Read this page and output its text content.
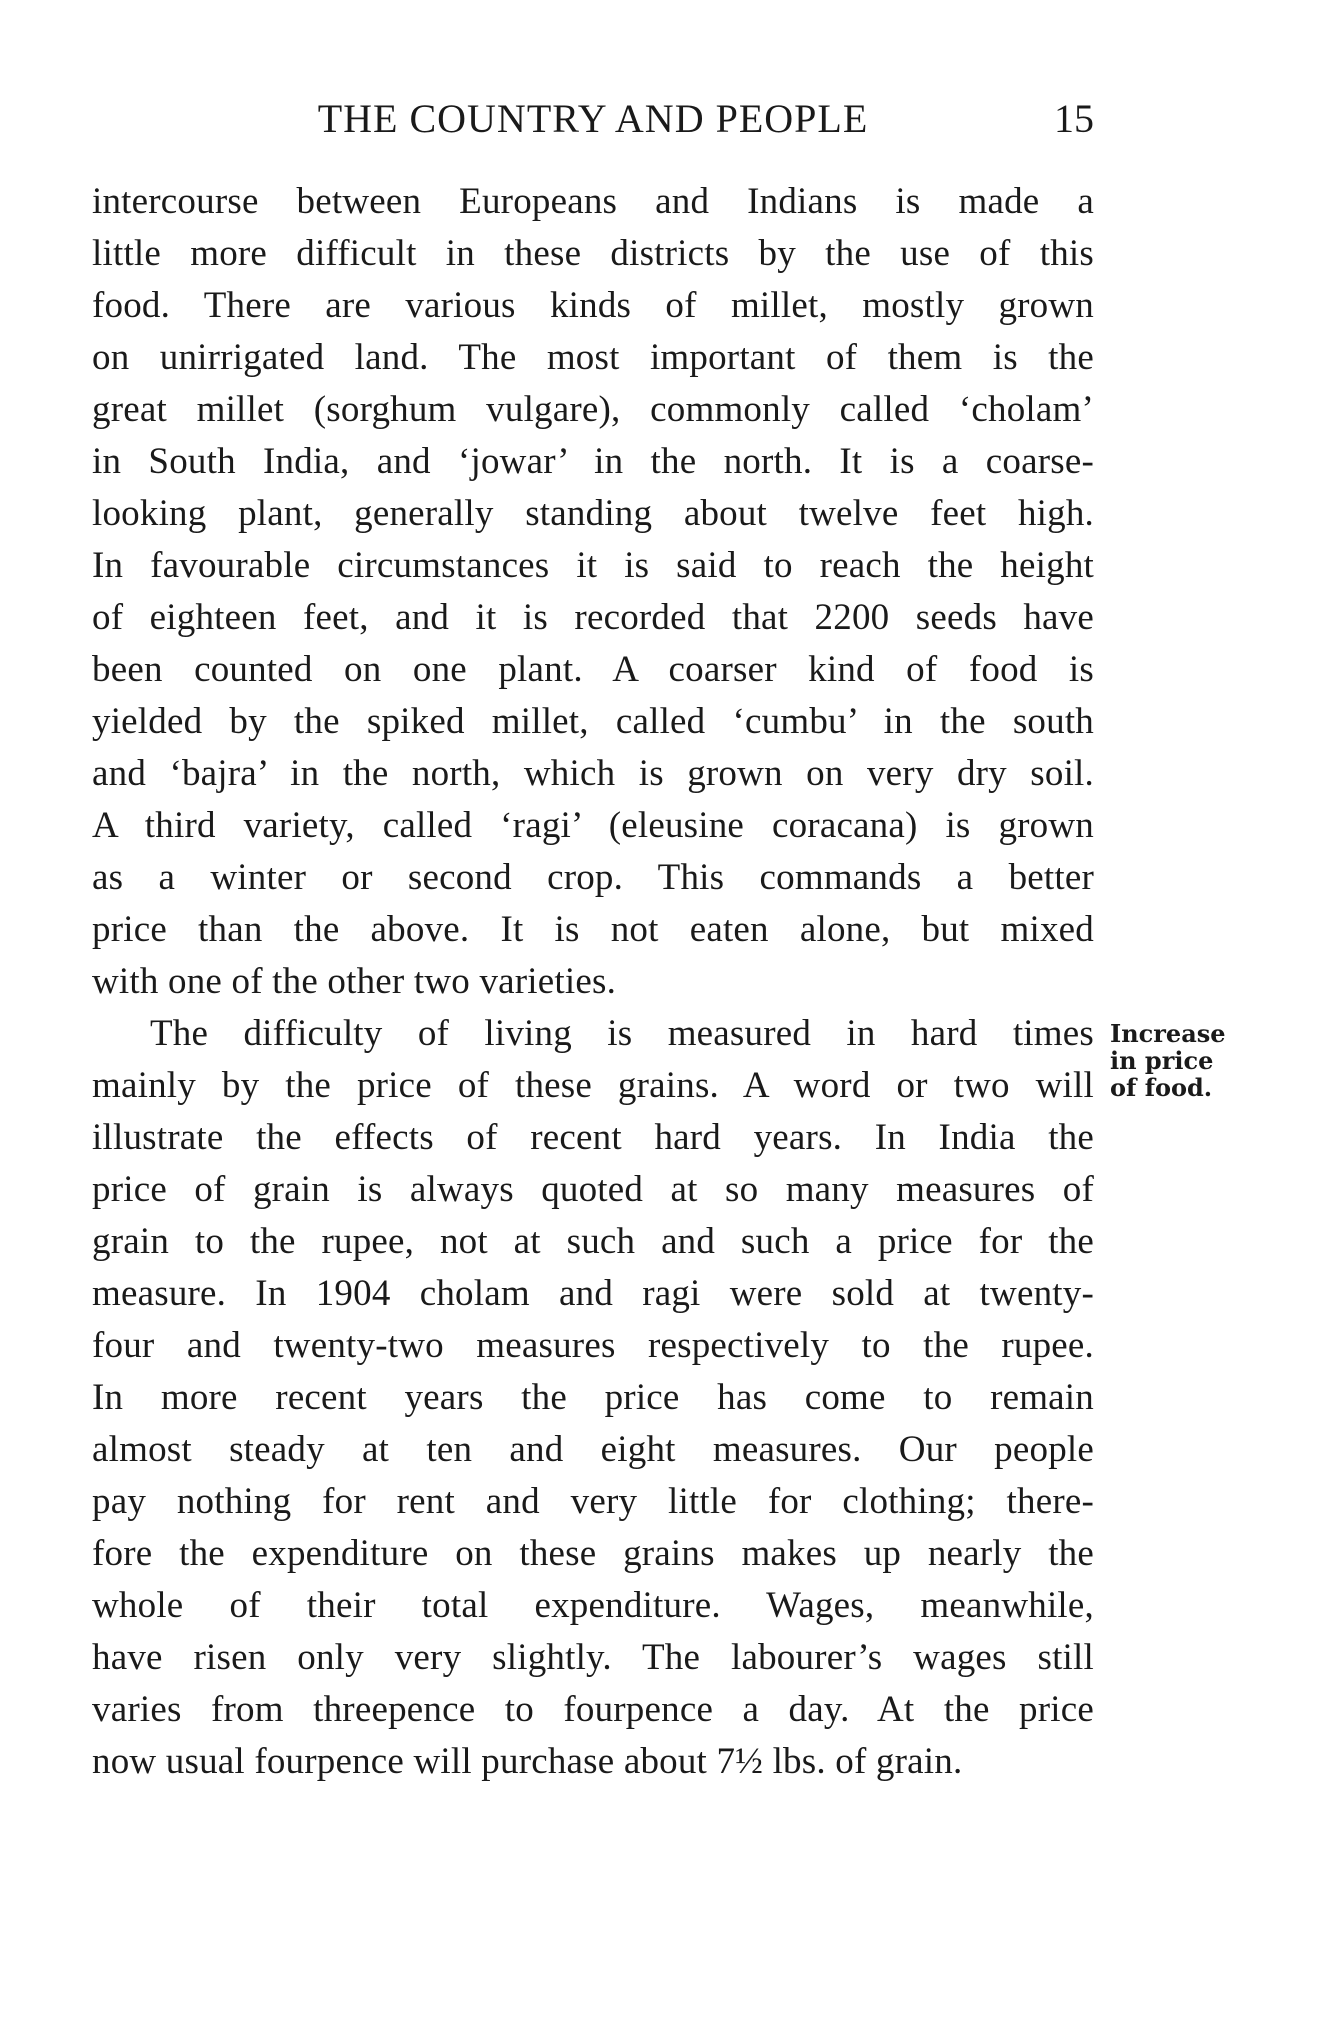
THE COUNTRY AND PEOPLE	15
intercourse between Europeans and Indians is made a
little more difficult in these districts by the use of this
food. There are various kinds of millet, mostly grown
on unirrigated land. The most important of them is the
great millet (sorghum vulgare), commonly called ‘cholam’
in South India, and ‘jowar’ in the north. It is a coarse-
looking plant, generally standing about twelve feet high.
In favourable circumstances it is said to reach the height
of eighteen feet, and it is recorded that 2200 seeds have
been counted on one plant. A coarser kind of food is
yielded by the spiked millet, called ‘cumbu’ in the south
and ‘bajra’ in the north, which is grown on very dry soil.
A third variety, called ‘ragi’ (eleusine coracana) is grown
as a winter or second crop. This commands a better
price than the above. It is not eaten alone, but mixed
with one of the other two varieties.
The difficulty of living is measured in hard times
mainly by the price of these grains. A word or two will
illustrate the effects of recent hard years. In India the
price of grain is always quoted at so many measures of
grain to the rupee, not at such and such a price for the
measure. In 1904 cholam and ragi were sold at twenty-
four and twenty-two measures respectively to the rupee.
In more recent years the price has come to remain
almost steady at ten and eight measures. Our people
pay nothing for rent and very little for clothing; there-
fore the expenditure on these grains makes up nearly the
whole of their total expenditure. Wages, meanwhile,
have risen only very slightly. The labourer’s wages still
varies from threepence to fourpence a day. At the price
now usual fourpence will purchase about 7½ lbs. of grain.
Increase
in price
of food.
